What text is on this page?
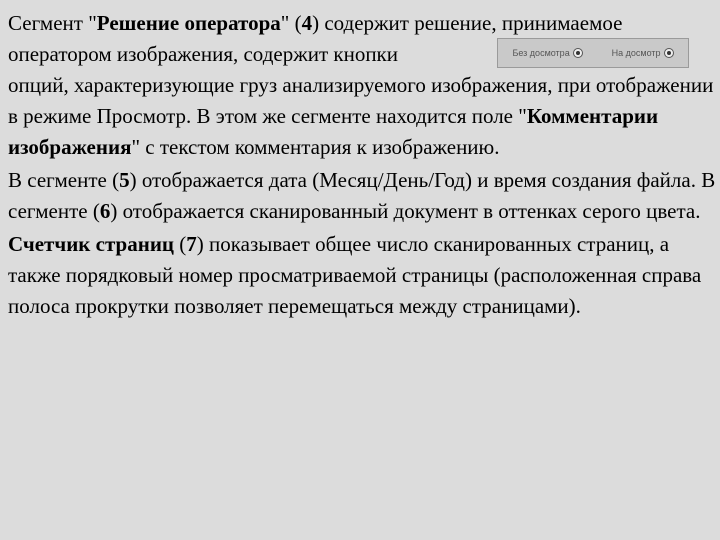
Сегмент "Решение оператора" (4) содержит решение, принимаемое оператором изображения, содержит кнопки
опций, характеризующие груз анализируемого изображения, при отображении в режиме Просмотр. В этом же сегменте находится поле "Комментарии изображения" с текстом комментария к изображению.

В сегменте (5) отображается дата (Месяц/День/Год) и время создания файла. В сегменте (6) отображается сканированный документ в оттенках серого цвета.

Счетчик страниц (7) показывает общее число сканированных страниц, а также порядковый номер просматриваемой страницы (расположенная справа полоса прокрутки позволяет перемещаться между страницами).

Без досмотра	На досмотр
